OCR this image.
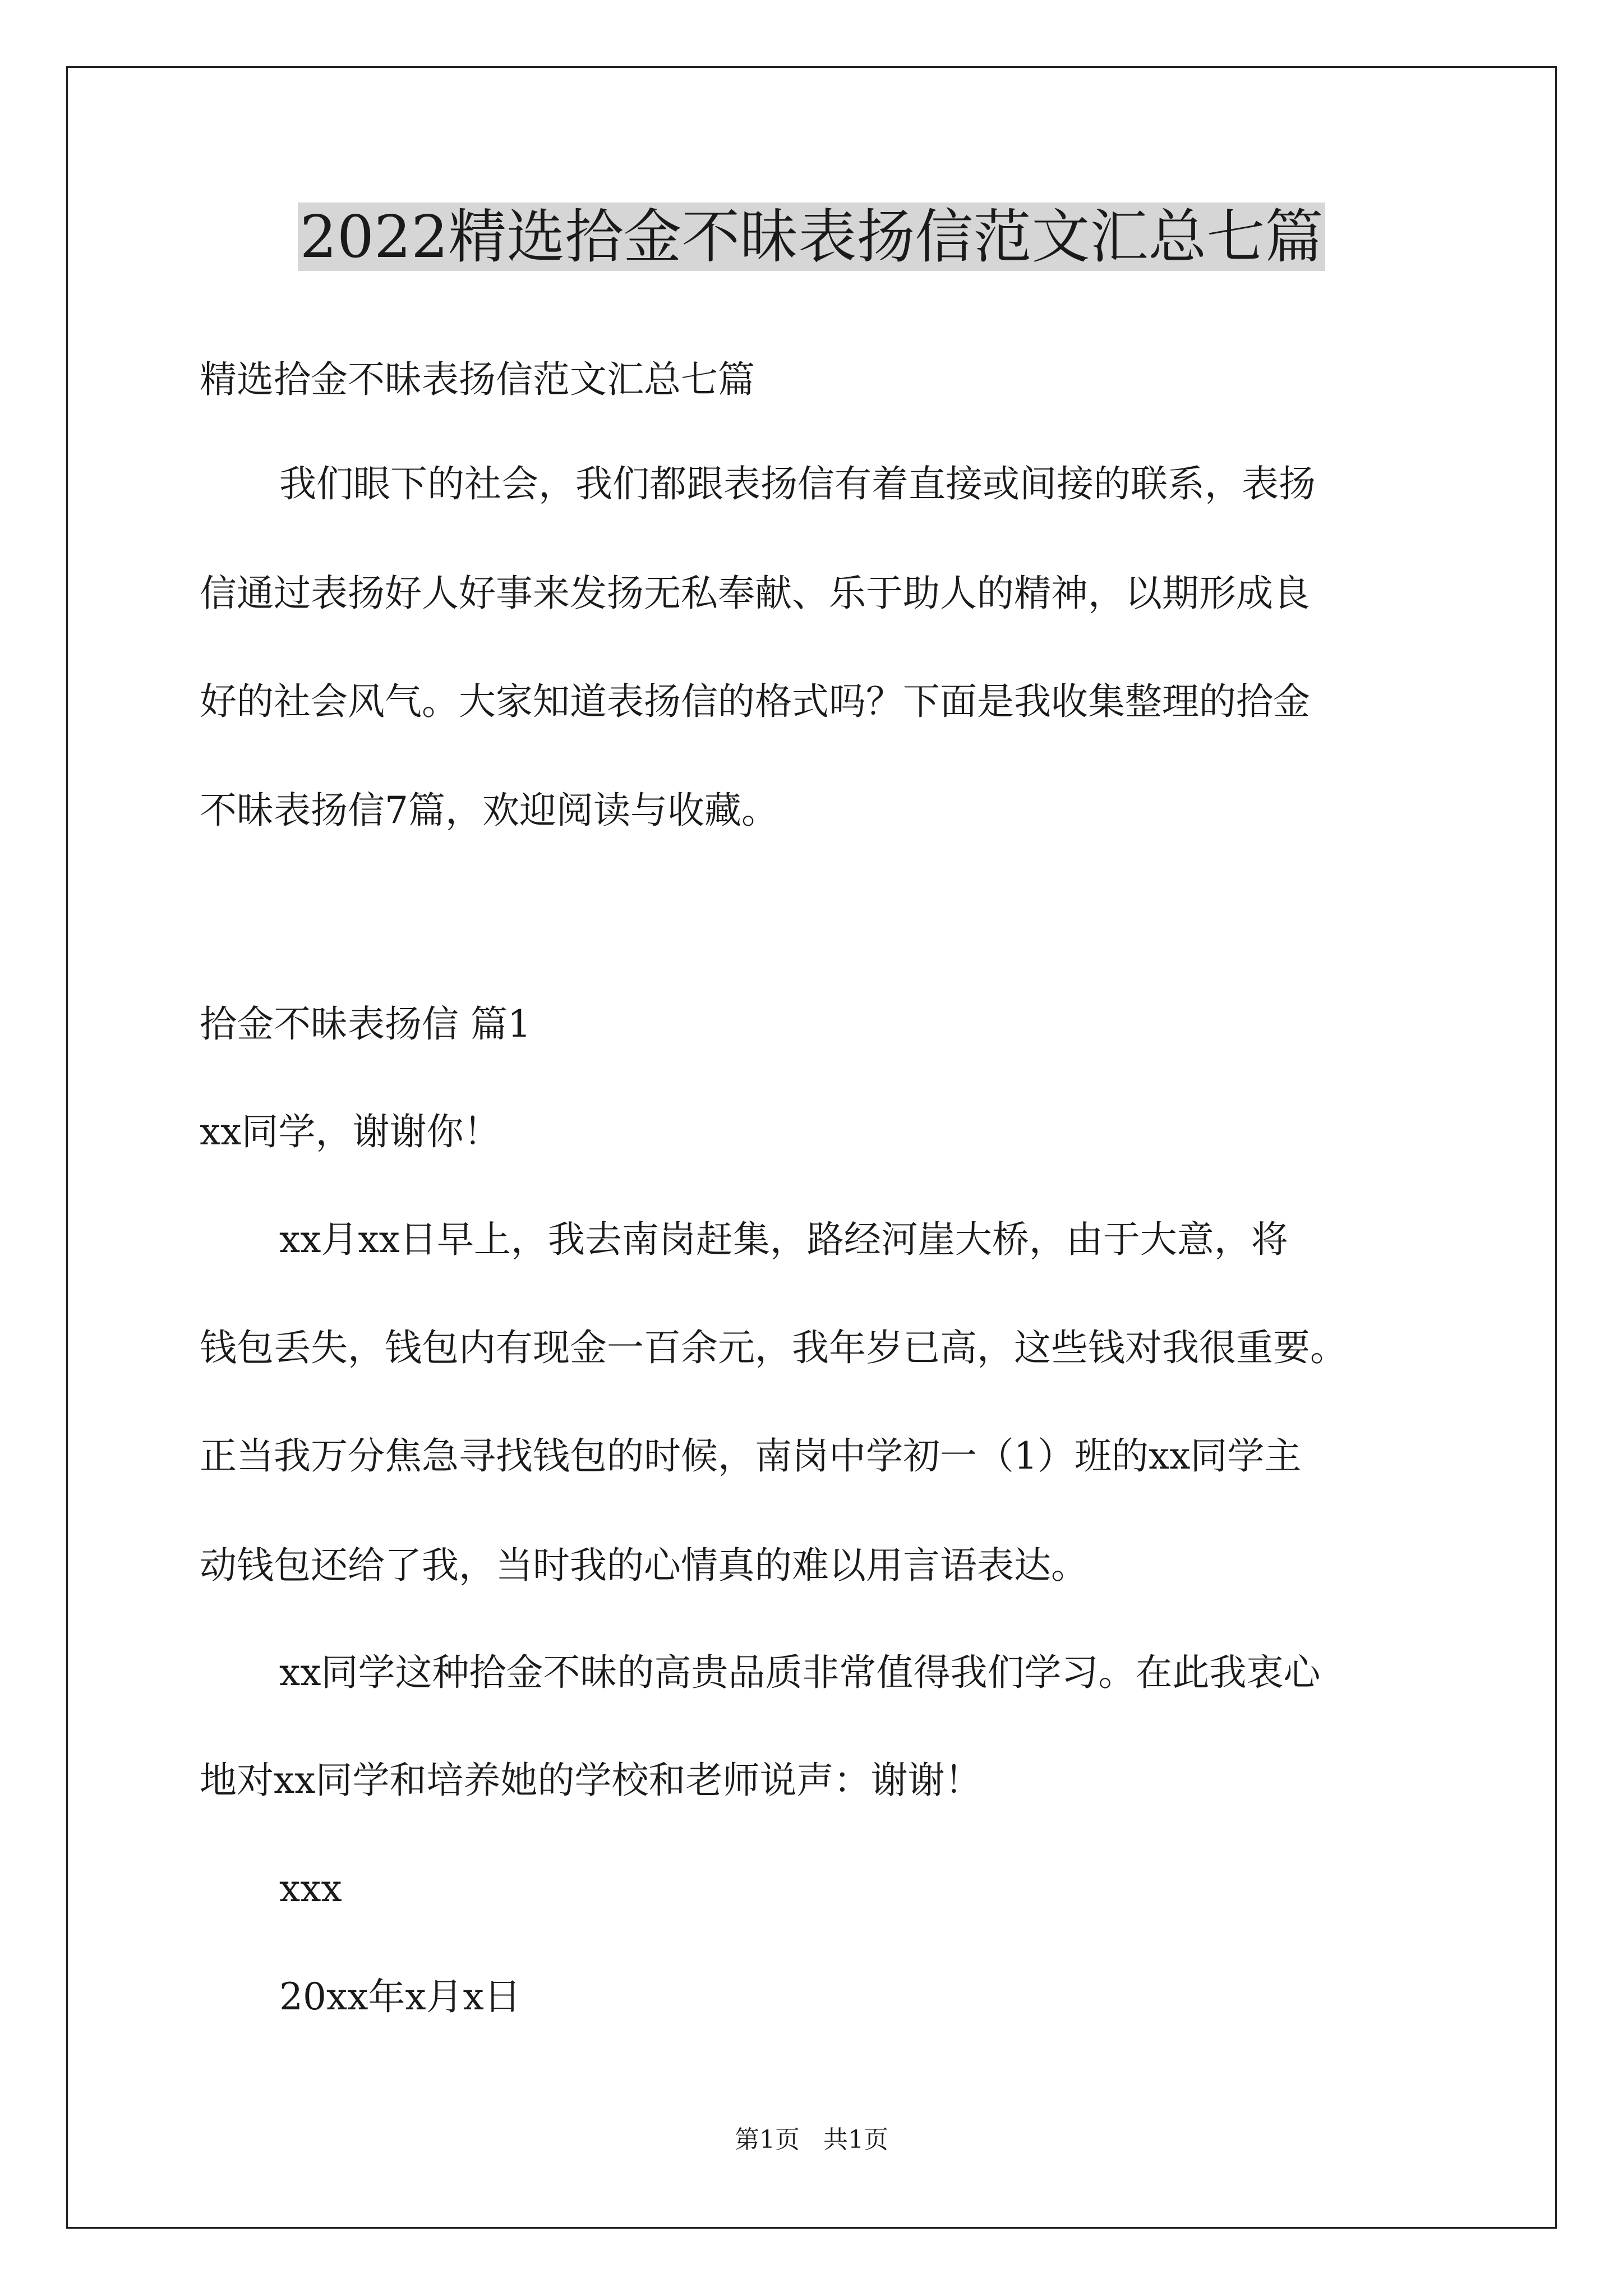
2022精选拾金不昧表扬信范文汇总七篇
精选拾金不昧表扬信范文汇总七篇
我们眼下的社会，我们都跟表扬信有着直接或间接的联系，表扬
信通过表扬好人好事来发扬无私奉献、乐于助人的精神，以期形成良
好的社会风气。大家知道表扬信的格式吗？下面是我收集整理的拾金
不昧表扬信7篇，欢迎阅读与收藏。
拾金不昧表扬信 篇1
xx同学，谢谢你！
xx月xx日早上，我去南岗赶集，路经河崖大桥，由于大意，将
钱包丢失，钱包内有现金一百余元，我年岁已高，这些钱对我很重要。
正当我万分焦急寻找钱包的时候，南岗中学初一（1）班的xx同学主
动钱包还给了我，当时我的心情真的难以用言语表达。
xx同学这种拾金不昧的高贵品质非常值得我们学习。在此我衷心
地对xx同学和培养她的学校和老师说声：谢谢！
xxx
20xx年x月x日
第1页 共1页
